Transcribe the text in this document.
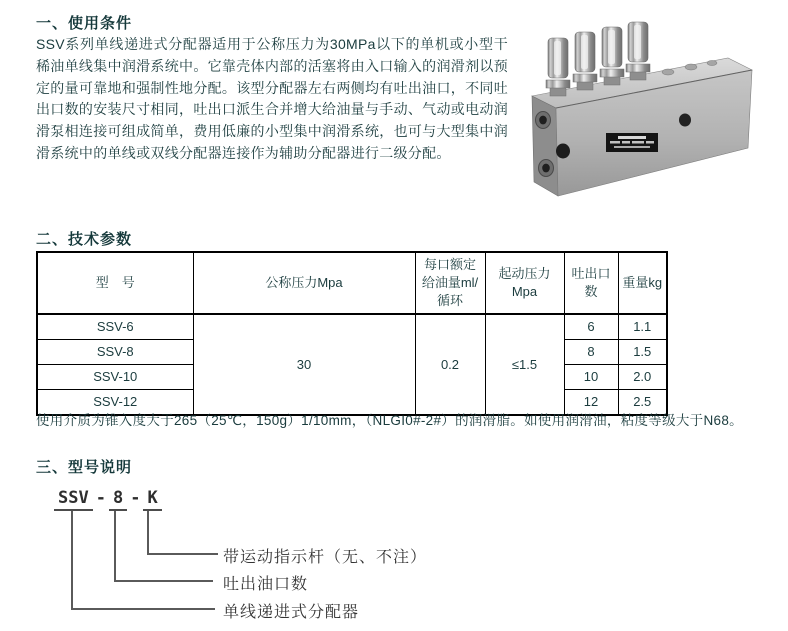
一、使用条件

SSV系列单线递进式分配器适用于公称压力为30MPa以下的单机或小型干稀油单线集中润滑系统中。它靠壳体内部的活塞将由入口输入的润滑剂以预定的量可靠地和强制性地分配。该型分配器左右两侧均有吐出油口，不同吐出口数的安装尺寸相同，吐出口派生合并增大给油量与手动、气动或电动润滑泵相连接可组成简单，费用低廉的小型集中润滑系统，也可与大型集中润滑系统中的单线或双线分配器连接作为辅助分配器进行二级分配。

二、技术参数
型　号	公称压力Mpa	每口额定给油量ml/循环	起动压力Mpa	吐出口数	重量kg
SSV-6	30	0.2	≤1.5	6	1.1
SSV-8				8	1.5
SSV-10				10	2.0
SSV-12				12	2.5

使用介质为锥入度大于265（25℃，150g）1/10mm，（NLGI0#-2#）的润滑脂。如使用润滑油，粘度等级大于N68。

三、型号说明
SSV - 8 - K
带运动指示杆（无、不注）
吐出油口数
单线递进式分配器
